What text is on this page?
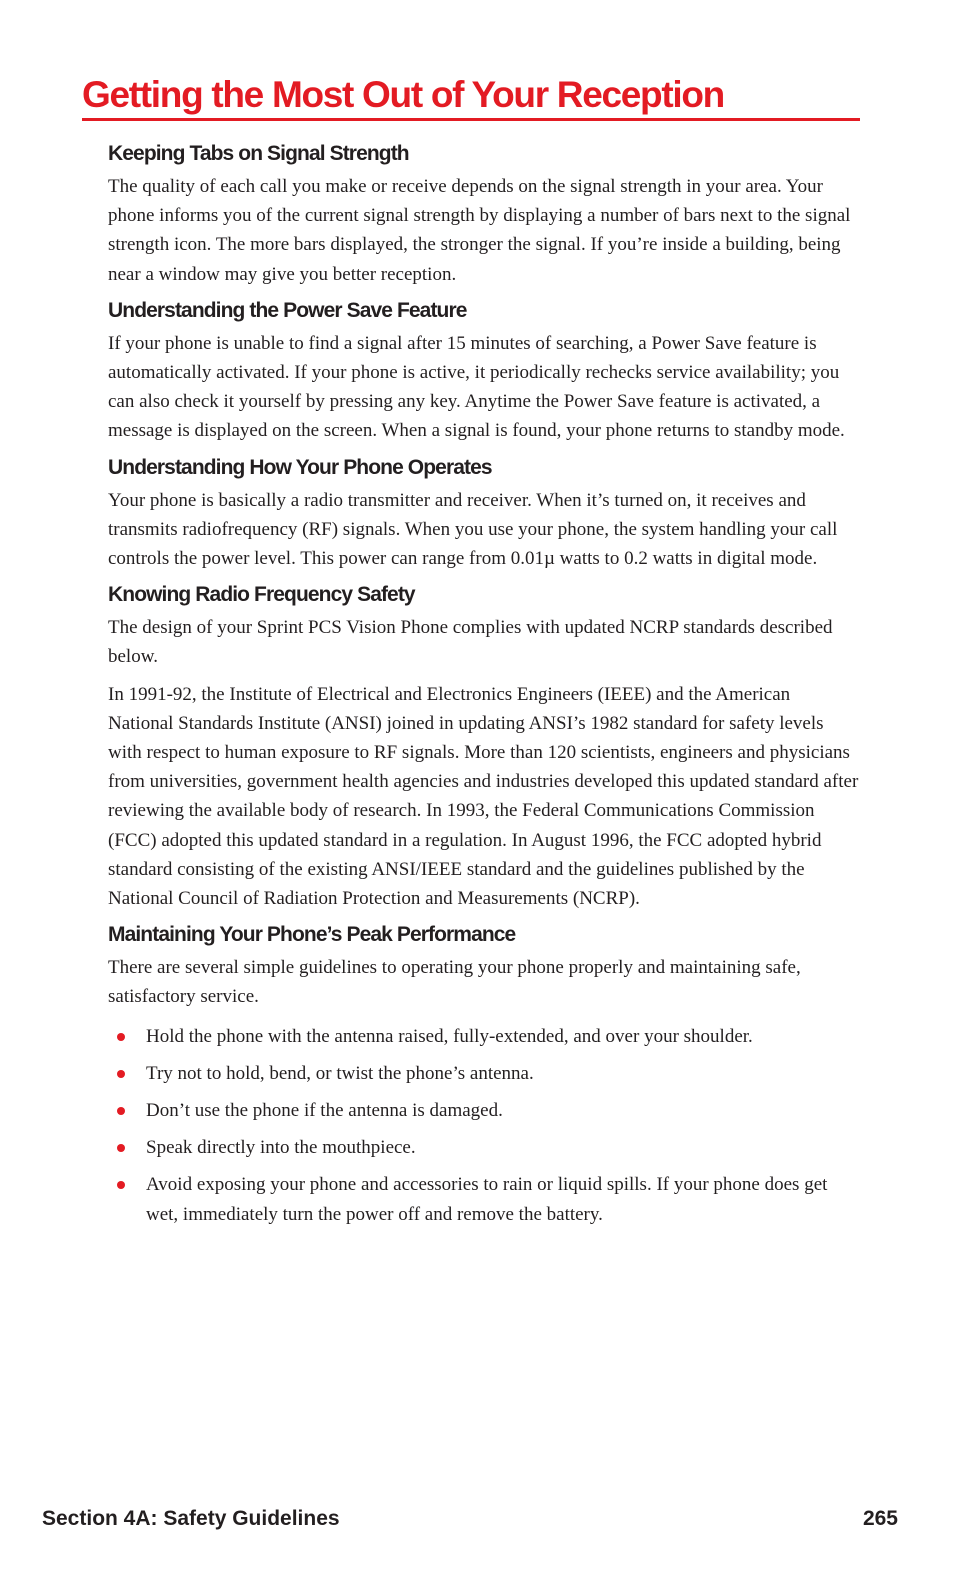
Getting the Most Out of Your Reception
Keeping Tabs on Signal Strength

The quality of each call you make or receive depends on the signal strength in your area. Your phone informs you of the current signal strength by displaying a number of bars next to the signal strength icon. The more bars displayed, the stronger the signal. If you’re inside a building, being near a window may give you better reception.

Understanding the Power Save Feature

If your phone is unable to find a signal after 15 minutes of searching, a Power Save feature is automatically activated. If your phone is active, it periodically rechecks service availability; you can also check it yourself by pressing any key. Anytime the Power Save feature is activated, a message is displayed on the screen. When a signal is found, your phone returns to standby mode.

Understanding How Your Phone Operates

Your phone is basically a radio transmitter and receiver. When it’s turned on, it receives and transmits radiofrequency (RF) signals. When you use your phone, the system handling your call controls the power level. This power can range from 0.01µ watts to 0.2 watts in digital mode.

Knowing Radio Frequency Safety

The design of your Sprint PCS Vision Phone complies with updated NCRP standards described below.

In 1991-92, the Institute of Electrical and Electronics Engineers (IEEE) and the American National Standards Institute (ANSI) joined in updating ANSI’s 1982 standard for safety levels with respect to human exposure to RF signals. More than 120 scientists, engineers and physicians from universities, government health agencies and industries developed this updated standard after reviewing the available body of research. In 1993, the Federal Communications Commission (FCC) adopted this updated standard in a regulation. In August 1996, the FCC adopted hybrid standard consisting of the existing ANSI/IEEE standard and the guidelines published by the National Council of Radiation Protection and Measurements (NCRP).

Maintaining Your Phone’s Peak Performance

There are several simple guidelines to operating your phone properly and maintaining safe, satisfactory service.

Hold the phone with the antenna raised, fully-extended, and over your shoulder.
Try not to hold, bend, or twist the phone’s antenna.
Don’t use the phone if the antenna is damaged.
Speak directly into the mouthpiece.
Avoid exposing your phone and accessories to rain or liquid spills. If your phone does get wet, immediately turn the power off and remove the battery.
Section 4A: Safety Guidelines	265
